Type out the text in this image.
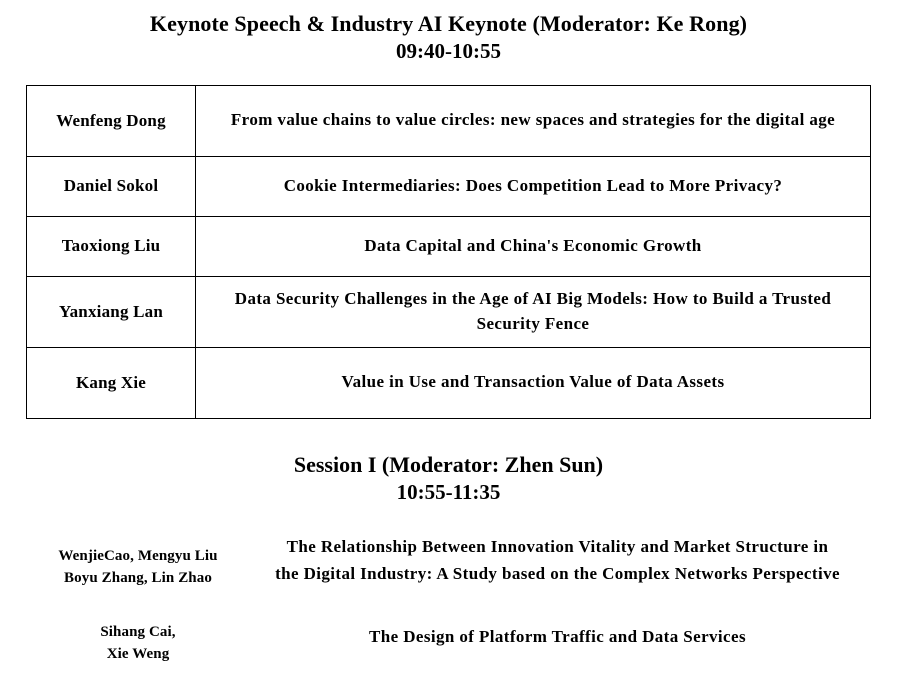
Keynote Speech & Industry AI Keynote (Moderator: Ke Rong)
09:40-10:55
Wenfeng Dong	From value chains to value circles: new spaces and strategies for the digital age
Daniel Sokol	Cookie Intermediaries: Does Competition Lead to More Privacy?
Taoxiong Liu	Data Capital and China's Economic Growth
Yanxiang Lan	Data Security Challenges in the Age of AI Big Models: How to Build a Trusted Security Fence
Kang Xie	Value in Use and Transaction Value of Data Assets
Session I (Moderator: Zhen Sun)
10:55-11:35
WenjieCao, Mengyu Liu
Boyu Zhang, Lin Zhao	The Relationship Between Innovation Vitality and Market Structure in the Digital Industry: A Study based on the Complex Networks Perspective

Sihang Cai,
Xie Weng	The Design of Platform Traffic and Data Services
